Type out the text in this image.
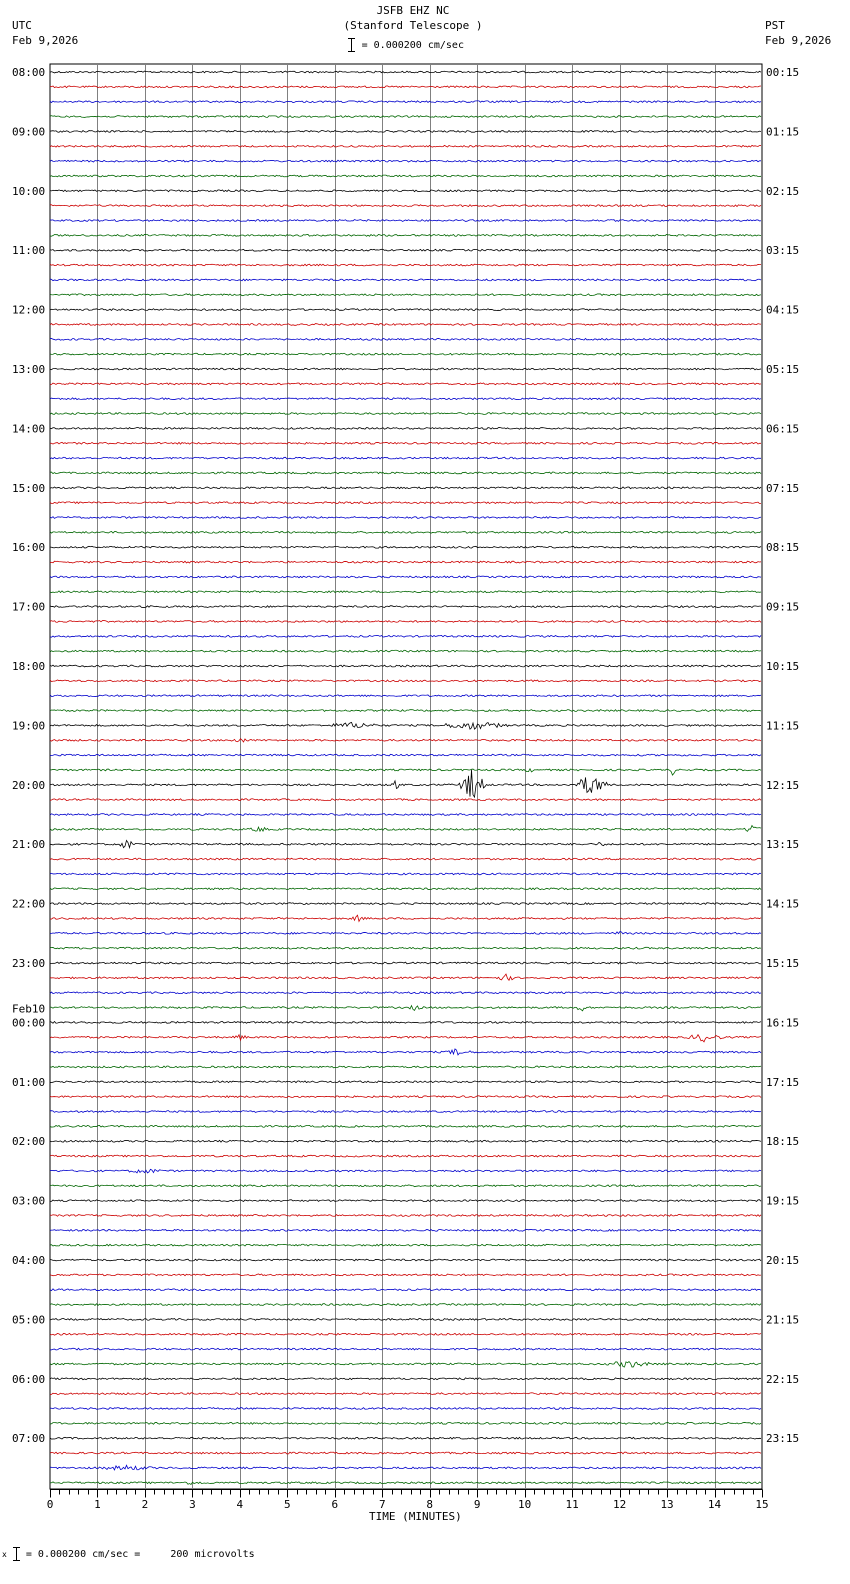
JSFB EHZ NC
(Stanford Telescope )
= 0.000200 cm/sec
UTC
Feb 9,2026
PST
Feb 9,2026
08:00	00:15
09:00	01:15
10:00	02:15
11:00	03:15
12:00	04:15
13:00	05:15
14:00	06:15
15:00	07:15
16:00	08:15
17:00	09:15
18:00	10:15
19:00	11:15
20:00	12:15
21:00	13:15
22:00	14:15
23:00	15:15
00:00	16:15
Feb10
01:00	17:15
02:00	18:15
03:00	19:15
04:00	20:15
05:00	21:15
06:00	22:15
07:00	23:15
0	1	2	3	4	5	6	7	8	9	10	11	12	13	14	15
TIME (MINUTES)
x = 0.000200 cm/sec =     200 microvolts
